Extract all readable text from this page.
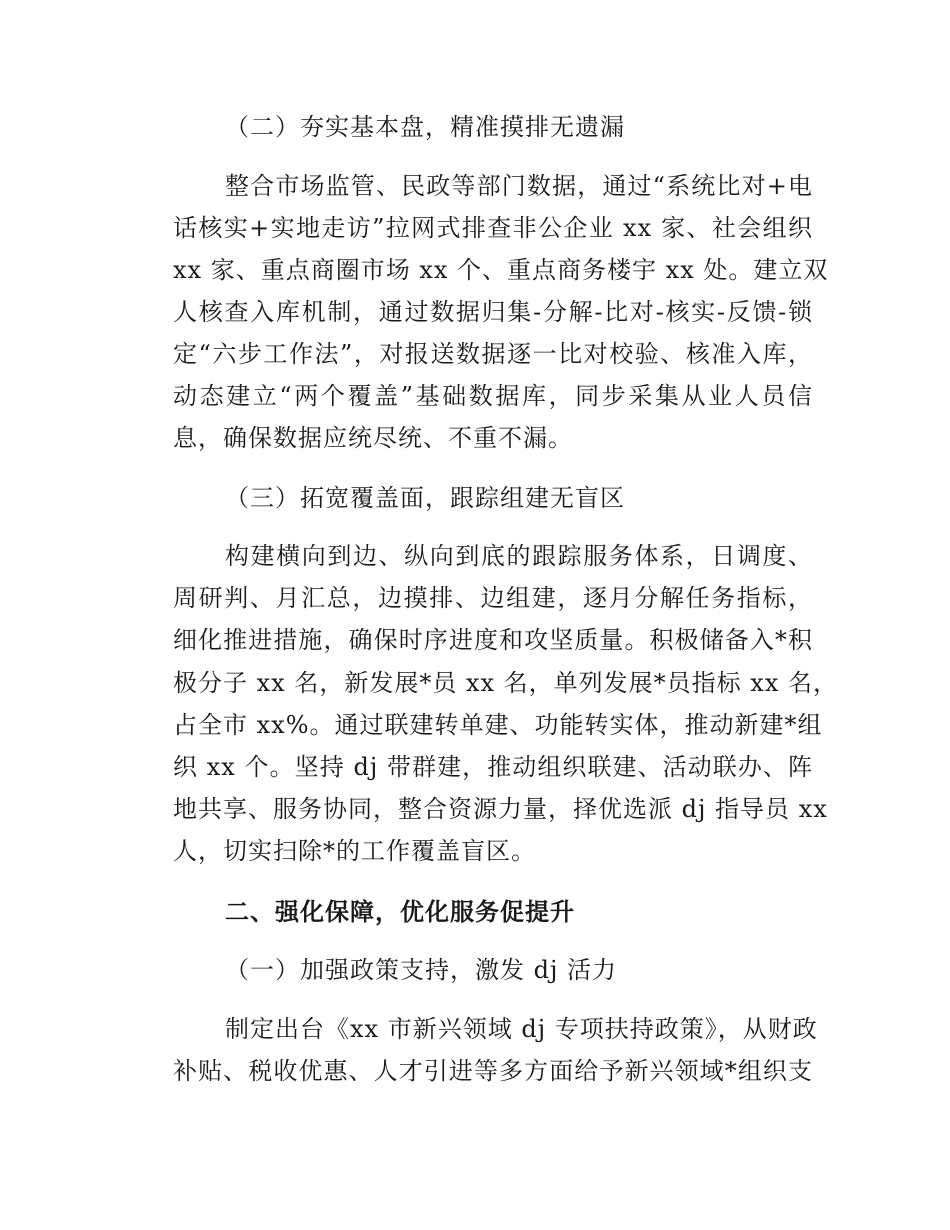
（二）夯实基本盘，精准摸排无遗漏
整合市场监管、民政等部门数据，通过“系统比对+电
话核实+实地走访”拉网式排查非公企业 xx 家、社会组织
xx 家、重点商圈市场 xx 个、重点商务楼宇 xx 处。建立双
人核查入库机制，通过数据归集-分解-比对-核实-反馈-锁
定“六步工作法”，对报送数据逐一比对校验、核准入库，
动态建立“两个覆盖”基础数据库，同步采集从业人员信
息，确保数据应统尽统、不重不漏。
（三）拓宽覆盖面，跟踪组建无盲区
构建横向到边、纵向到底的跟踪服务体系，日调度、
周研判、月汇总，边摸排、边组建，逐月分解任务指标，
细化推进措施，确保时序进度和攻坚质量。积极储备入*积
极分子 xx 名，新发展*员 xx 名，单列发展*员指标 xx 名，
占全市 xx%。通过联建转单建、功能转实体，推动新建*组
织 xx 个。坚持 dj 带群建，推动组织联建、活动联办、阵
地共享、服务协同，整合资源力量，择优选派 dj 指导员 xx
人，切实扫除*的工作覆盖盲区。
二、强化保障，优化服务促提升
（一）加强政策支持，激发 dj 活力
制定出台《xx 市新兴领域 dj 专项扶持政策》，从财政
补贴、税收优惠、人才引进等多方面给予新兴领域*组织支
